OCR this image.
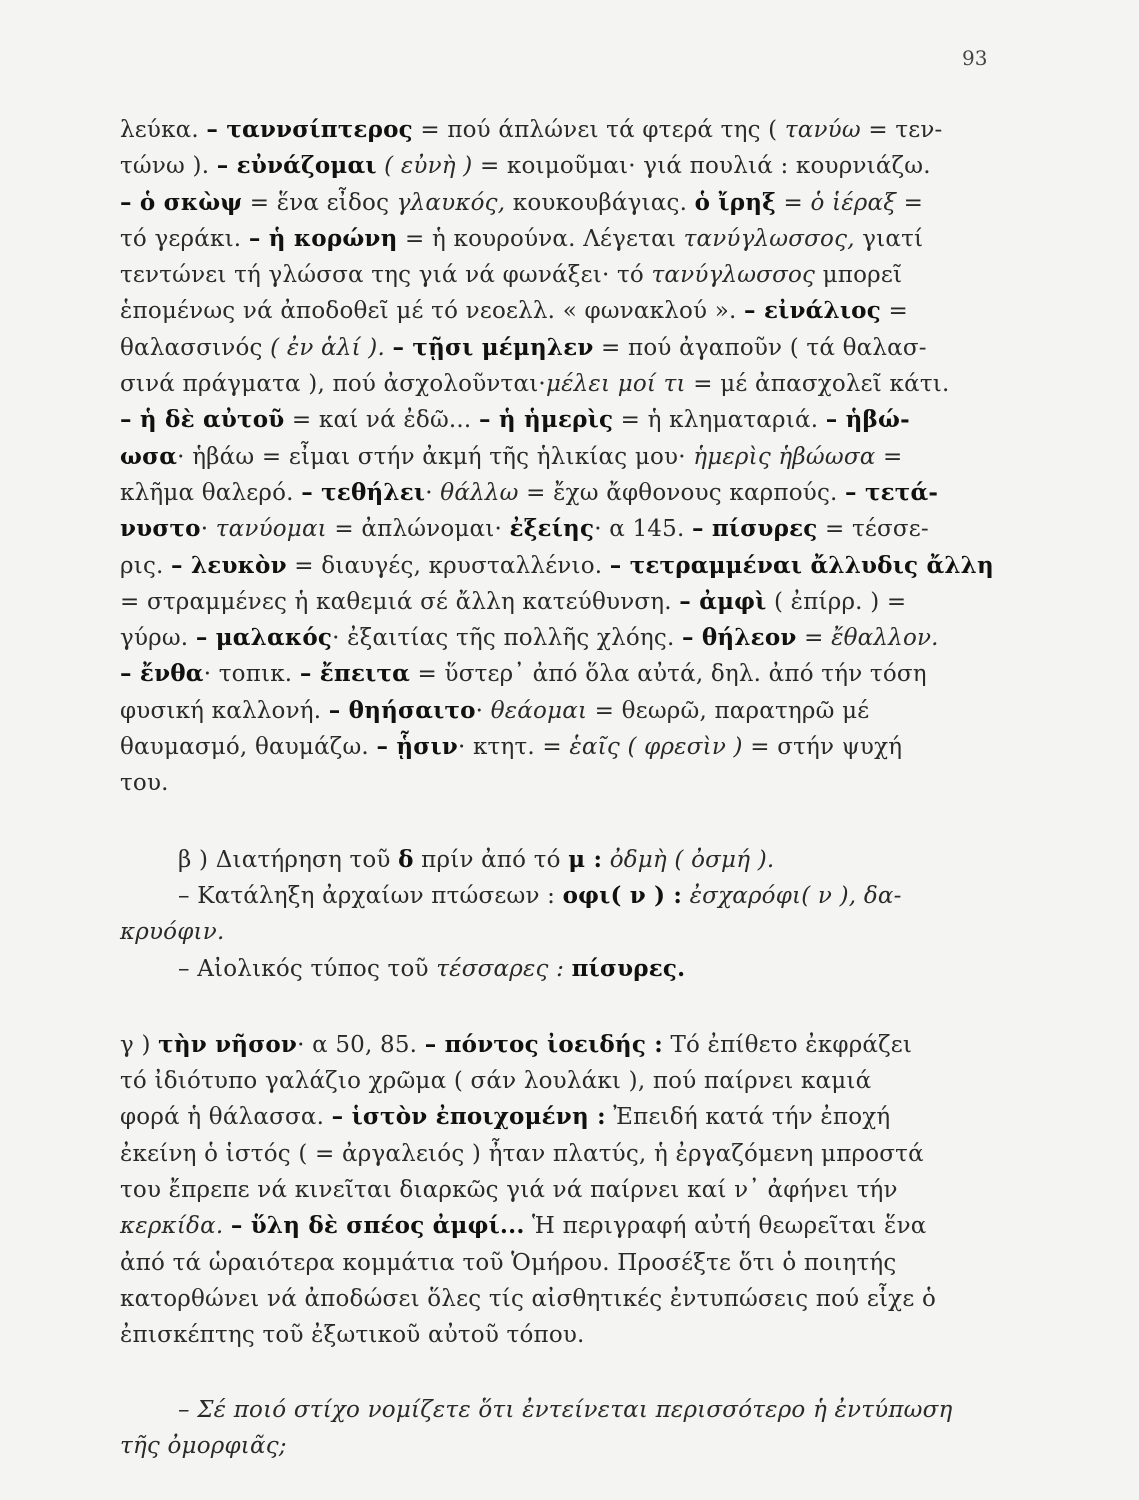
93
λεύκα. – ταννσίπτερος = πού άπλώνει τά φτερά της ( τανύω = τεν-
τώνω ). – εὐνάζομαι ( εὐνὴ ) = κοιμοῦμαι· γιά πουλιά : κουρνιάζω.
– ὁ σκὼψ = ἕνα εἶδος γλαυκός, κουκουβάγιας. ὁ ἴρηξ = ὁ ἱέραξ =
τό γεράκι. – ἡ κορώνη = ἡ κουρούνα. Λέγεται τανύγλωσσος, γιατί
τεντώνει τή γλώσσα της γιά νά φωνάξει· τό τανύγλωσσος μπορεῖ
ἑπομένως νά ἀποδοθεῖ μέ τό νεοελλ. « φωνακλού ». – εἰνάλιος =
θαλασσινός ( ἐν ἁλί ). – τῇσι μέμηλεν = πού ἀγαποῦν ( τά θαλασ-
σινά πράγματα ), πού ἀσχολοῦνται·μέλει μοί τι = μέ ἀπασχολεῖ κάτι.
– ἡ δὲ αὐτοῦ = καί νά ἐδῶ... – ἡ ἡμερὶς = ἡ κληματαριά. – ἡβώ-
ωσα· ἡβάω = εἶμαι στήν ἀκμή τῆς ἡλικίας μου· ἡμερὶς ἡβώωσα =
κλῆμα θαλερό. – τεθήλει· θάλλω = ἔχω ἄφθονους καρπούς. – τετά-
νυστο· τανύομαι = ἀπλώνομαι· ἐξείης· α 145. – πίσυρες = τέσσε-
ρις. – λευκὸν = διαυγές, κρυσταλλένιο. – τετραμμέναι ἄλλυδις ἄλλη
= στραμμένες ἡ καθεμιά σέ ἄλλη κατεύθυνση. – ἀμφὶ ( ἐπίρρ. ) =
γύρω. – μαλακός· ἐξαιτίας τῆς πολλῆς χλόης. – θήλεον = ἔθαλλον.
– ἔνθα· τοπικ. – ἔπειτα = ὕστερ᾽ ἀπό ὅλα αὐτά, δηλ. ἀπό τήν τόση
φυσική καλλονή. – θηήσαιτο· θεάομαι = θεωρῶ, παρατηρῶ μέ
θαυμασμό, θαυμάζω. – ᾗσιν· κτητ. = ἑαῖς ( φρεσὶν ) = στήν ψυχή
του.
β ) Διατήρηση τοῦ δ πρίν ἀπό τό μ : ὀδμὴ ( ὀσμή ).
– Κατάληξη ἀρχαίων πτώσεων : οφι( ν ) : ἐσχαρόφι( ν ), δα-
κρυόφιν.
– Αἰολικός τύπος τοῦ τέσσαρες : πίσυρες.
γ ) τὴν νῆσον· α 50, 85. – πόντος ἰοειδής : Τό ἐπίθετο ἐκφράζει
τό ἰδιότυπο γαλάζιο χρῶμα ( σάν λουλάκι ), πού παίρνει καμιά
φορά ἡ θάλασσα. – ἱστὸν ἐποιχομένη : Ἐπειδή κατά τήν ἐποχή
ἐκείνη ὁ ἱστός ( = ἀργαλειός ) ἦταν πλατύς, ἡ ἐργαζόμενη μπροστά
του ἔπρεπε νά κινεῖται διαρκῶς γιά νά παίρνει καί ν᾽ ἀφήνει τήν
κερκίδα. – ὕλη δὲ σπέος ἀμφί... Ἡ περιγραφή αὐτή θεωρεῖται ἕνα
ἀπό τά ὡραιότερα κομμάτια τοῦ Ὁμήρου. Προσέξτε ὅτι ὁ ποιητής
κατορθώνει νά ἀποδώσει ὅλες τίς αἰσθητικές ἐντυπώσεις πού εἶχε ὁ
ἐπισκέπτης τοῦ ἐξωτικοῦ αὐτοῦ τόπου.
– Σέ ποιό στίχο νομίζετε ὅτι ἐντείνεται περισσότερο ἡ ἐντύπωση
τῆς ὀμορφιᾶς;
